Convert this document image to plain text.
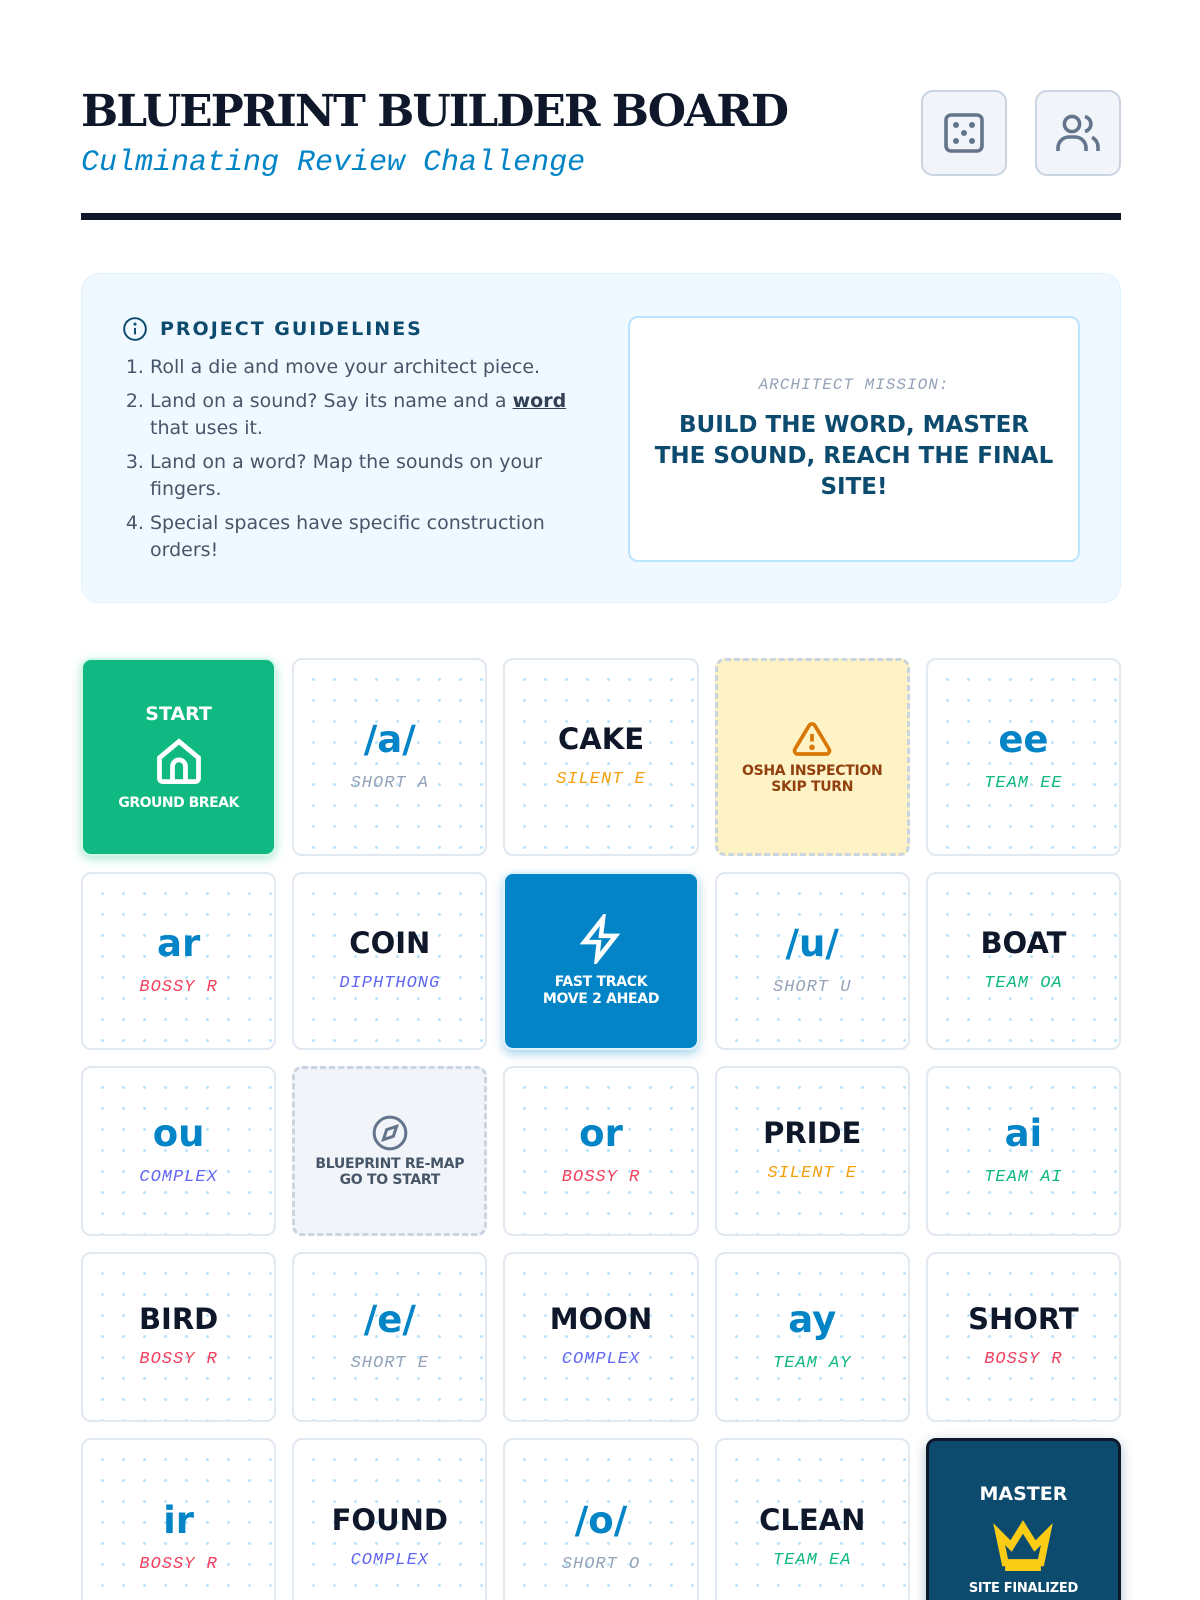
BLUEPRINT BUILDER BOARD
Culminating Review Challenge
PROJECT GUIDELINES
1. Roll a die and move your architect piece.
2. Land on a sound? Say its name and a word that uses it.
3. Land on a word? Map the sounds on your fingers.
4. Special spaces have specific construction orders!
ARCHITECT MISSION:
BUILD THE WORD, MASTER THE SOUND, REACH THE FINAL SITE!
START
GROUND BREAK
/a/
SHORT A
CAKE
SILENT E	OSHA INSPECTION
SKIP TURN
ee
TEAM EE
ar
BOSSY R
COIN
DIPHTHONG	FAST TRACK
MOVE 2 AHEAD
/u/
SHORT U
BOAT
TEAM OA
ou
COMPLEX
BLUEPRINT RE-MAP
GO TO START
or
BOSSY R
PRIDE
SILENT E
ai
TEAM AI
BIRD
BOSSY R
/e/
SHORT E
MOON
COMPLEX
ay
TEAM AY
SHORT
BOSSY R
ir
BOSSY R
FOUND
COMPLEX
/o/
SHORT O
CLEAN
TEAM EA
MASTER
SITE FINALIZED
